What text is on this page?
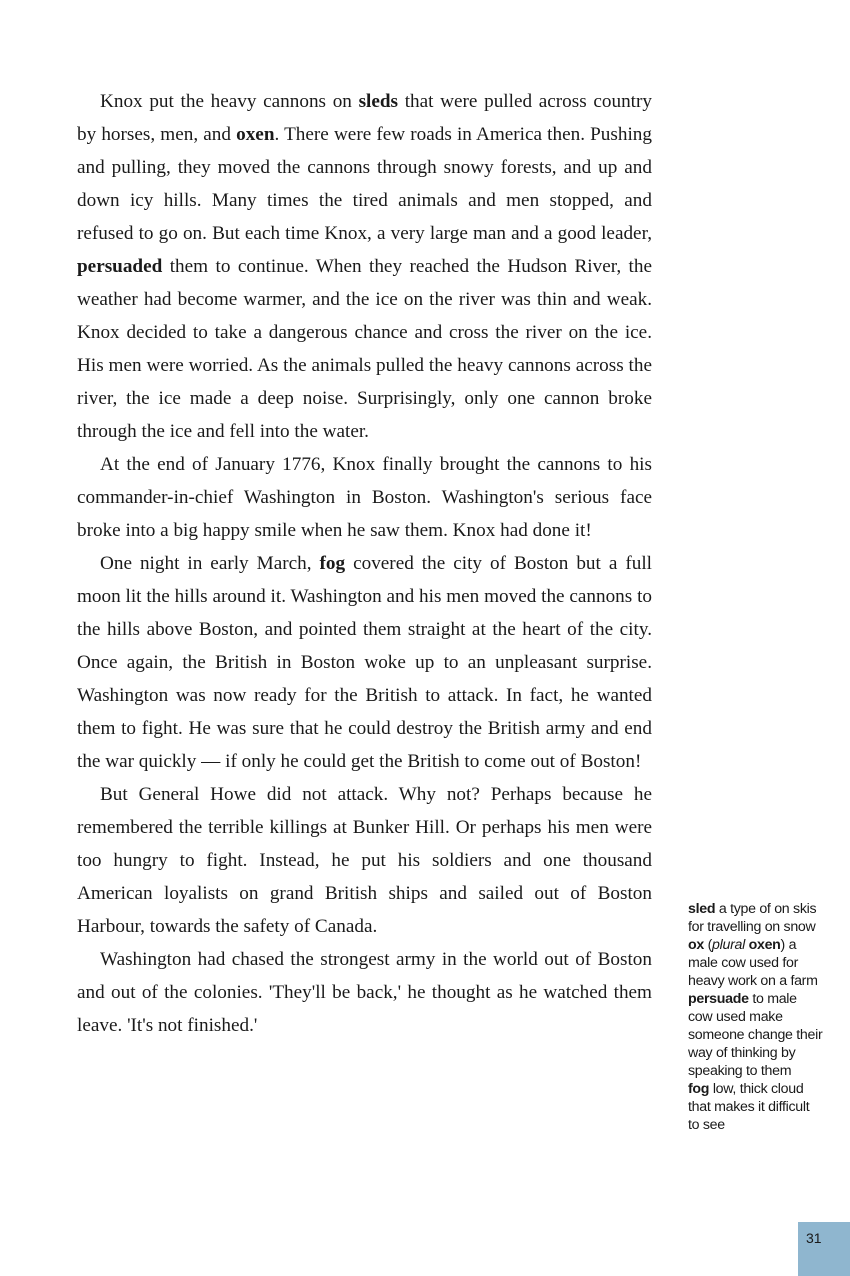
Knox put the heavy cannons on sleds that were pulled across country by horses, men, and oxen. There were few roads in America then. Pushing and pulling, they moved the cannons through snowy forests, and up and down icy hills. Many times the tired animals and men stopped, and refused to go on. But each time Knox, a very large man and a good leader, persuaded them to continue. When they reached the Hudson River, the weather had become warmer, and the ice on the river was thin and weak. Knox decided to take a dangerous chance and cross the river on the ice. His men were worried. As the animals pulled the heavy cannons across the river, the ice made a deep noise. Surprisingly, only one cannon broke through the ice and fell into the water.

At the end of January 1776, Knox finally brought the cannons to his commander-in-chief Washington in Boston. Washington's serious face broke into a big happy smile when he saw them. Knox had done it!

One night in early March, fog covered the city of Boston but a full moon lit the hills around it. Washington and his men moved the cannons to the hills above Boston, and pointed them straight at the heart of the city. Once again, the British in Boston woke up to an unpleasant surprise. Washington was now ready for the British to attack. In fact, he wanted them to fight. He was sure that he could destroy the British army and end the war quickly — if only he could get the British to come out of Boston!

But General Howe did not attack. Why not? Perhaps because he remembered the terrible killings at Bunker Hill. Or perhaps his men were too hungry to fight. Instead, he put his soldiers and one thousand American loyalists on grand British ships and sailed out of Boston Harbour, towards the safety of Canada.

Washington had chased the strongest army in the world out of Boston and out of the colonies. 'They'll be back,' he thought as he watched them leave. 'It's not finished.'

sled a type of on skis for travelling on snow
ox (plural oxen) a male cow used for heavy work on a farm
persuade to male cow used make someone change their way of thinking by speaking to them
fog low, thick cloud that makes it difficult to see
31
